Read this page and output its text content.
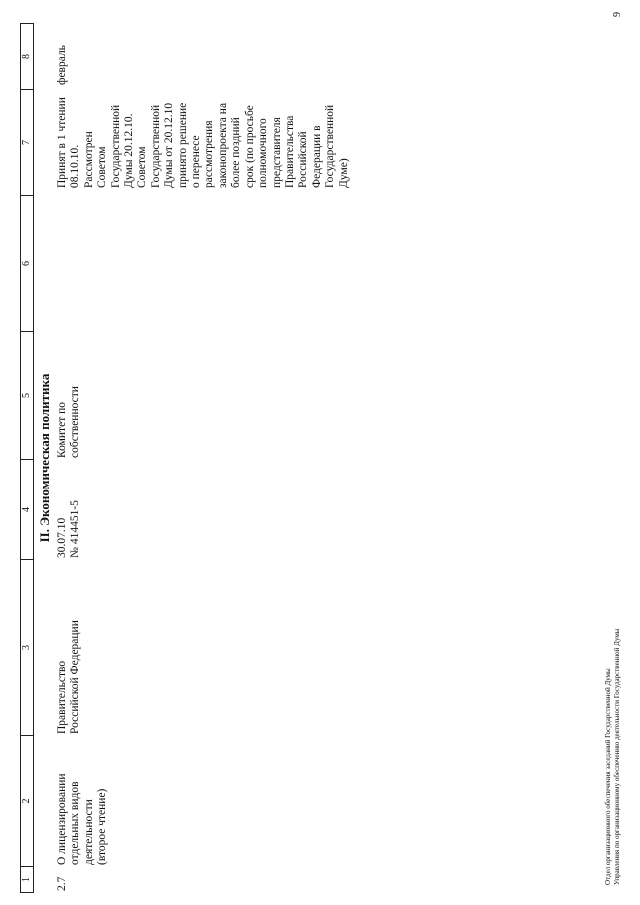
1
2
3
4
5
6
7
8
II. Экономическая политика
2.7
О лицензировании
отдельных видов
деятельности
(второе чтение)
Правительство
Российской Федерации
30.07.10
№ 414451-5
Комитет по
собственности
Принят в 1 чтении
08.10.10.
Рассмотрен
Советом
Государственной
Думы 20.12.10.
Советом
Государственной
Думы от 20.12.10
принято решение
о перенесе
рассмотрения
законопроекта на
более поздний
срок (по просьбе
полномочного
представителя
Правительства
Российской
Федерации в
Государственной
Думе)
февраль
Отдел организационного обеспечения заседаний Государственной Думы Управления по организационному обеспечению деятельности Государственной Думы
9
